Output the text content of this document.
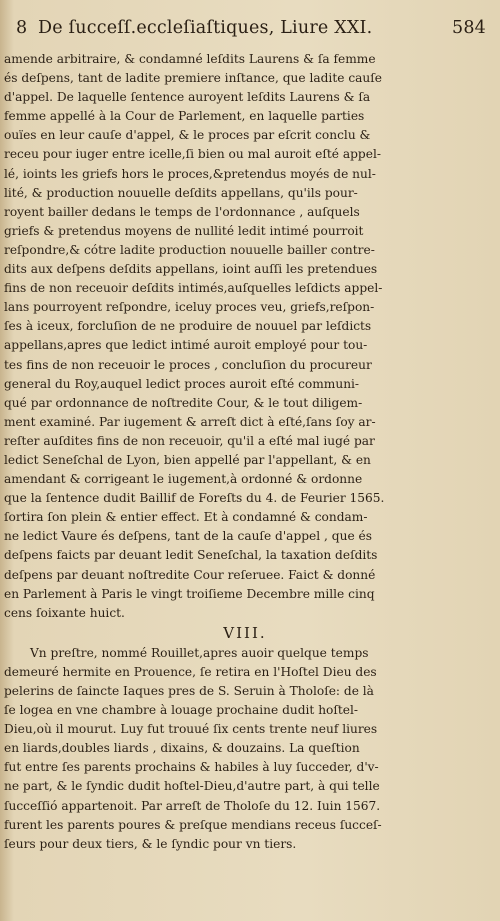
8 De ſucceſſ.eccleſiaſtiques, Liure XXI.	584
amende arbitraire, & condamné leſdits Laurens & ſa femme
és deſpens, tant de ladite premiere inſtance, que ladite cauſe
d'appel. De laquelle ſentence auroyent leſdits Laurens & ſa
femme appellé à la Cour de Parlement, en laquelle parties
ouïes en leur cauſe d'appel, & le proces par eſcrit conclu &
receu pour iuger entre icelle,ſi bien ou mal auroit eſté appel-
lé, ioints les griefs hors le proces,&pretendus moyés de nul-
lité, & production nouuelle deſdits appellans, qu'ils pour-
royent bailler dedans le temps de l'ordonnance , auſquels
griefs & pretendus moyens de nullité ledit intimé pourroit
reſpondre,& cótre ladite production nouuelle bailler contre-
dits aux deſpens deſdits appellans, ioint auſſi les pretendues
fins de non receuoir deſdits intimés,auſquelles leſdicts appel-
lans pourroyent reſpondre, iceluy proces veu, griefs,reſpon-
ſes à iceux, forcluſion de ne produire de nouuel par leſdicts
appellans,apres que ledict intimé auroit employé pour tou-
tes fins de non receuoir le proces , concluſion du procureur
general du Roy,auquel ledict proces auroit eſté communi-
qué par ordonnance de noſtredite Cour, & le tout diligem-
ment examiné. Par iugement & arreſt dict à eſté,ſans ſoy ar-
reſter auſdites fins de non receuoir, qu'il a eſté mal iugé par
ledict Seneſchal de Lyon, bien appellé par l'appellant, & en
amendant & corrigeant le iugement,à ordonné & ordonne
que la ſentence dudit Baillif de Foreſts du 4. de Feurier 1565.
ſortira ſon plein & entier effect. Et à condamné & condam-
ne ledict Vaure és deſpens, tant de la cauſe d'appel , que és
deſpens faicts par deuant ledit Seneſchal, la taxation deſdits
deſpens par deuant noſtredite Cour reſeruee. Faict & donné
en Parlement à Paris le vingt troiſieme Decembre mille cinq
cens ſoixante huict.
VIII.
Vn preſtre, nommé Rouillet,apres auoir quelque temps
demeuré hermite en Prouence, ſe retira en l'Hoſtel Dieu des
pelerins de ſaincte Iaques pres de S. Seruin à Tholoſe: de là
ſe logea en vne chambre à louage prochaine dudit hoſtel-
Dieu,où il mourut. Luy fut trouué ſix cents trente neuf liures
en liards,doubles liards , dixains, & douzains. La queſtion
fut entre ſes parents prochains & habiles à luy ſucceder, d'v-
ne part, & le ſyndic dudit hoſtel-Dieu,d'autre part, à qui telle
ſucceſſió appartenoit. Par arreſt de Tholoſe du 12. Iuin 1567.
furent les parents poures & preſque mendians receus ſucceſ-
ſeurs pour deux tiers, & le ſyndic pour vn tiers.
